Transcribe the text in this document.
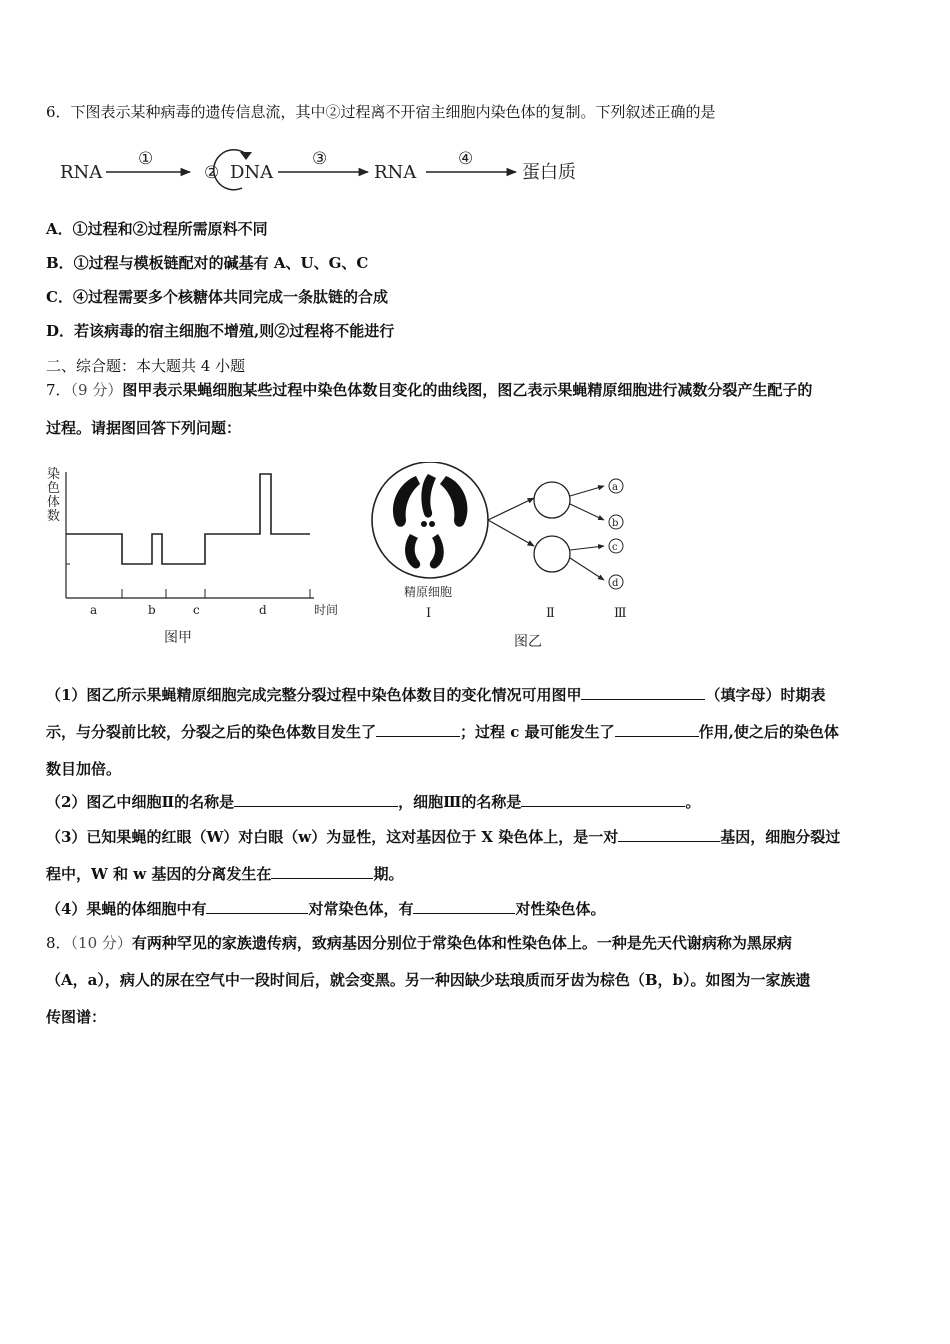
6．下图表示某种病毒的遗传信息流，其中②过程离不开宿主细胞内染色体的复制。下列叙述正确的是
RNA
①
② DNA
③
RNA
④
蛋白质
A．①过程和②过程所需原料不同
B．①过程与模板链配对的碱基有 A、U、G、C
C．④过程需要多个核糖体共同完成一条肽链的合成
D．若该病毒的宿主细胞不增殖,则②过程将不能进行
二、综合题：本大题共 4 小题
7．（9 分）图甲表示果蝇细胞某些过程中染色体数目变化的曲线图，图乙表示果蝇精原细胞进行减数分裂产生配子的
过程。请据图回答下列问题：
染
色
体
数
a	b	c	d	时间
图甲
a
b
c
d
精原细胞
Ⅰ	Ⅱ	Ⅲ
图乙
（1）图乙所示果蝇精原细胞完成完整分裂过程中染色体数目的变化情况可用图甲	（填字母）时期表
示，与分裂前比较，分裂之后的染色体数目发生了	；过程 c 最可能发生了	作用,使之后的染色体
数目加倍。
（2）图乙中细胞Ⅱ的名称是	，细胞Ⅲ的名称是	。
（3）已知果蝇的红眼（W）对白眼（w）为显性，这对基因位于 X 染色体上，是一对	基因，细胞分裂过
程中，W 和 w 基因的分离发生在	期。
（4）果蝇的体细胞中有	对常染色体，有	对性染色体。
8．（10 分）有两种罕见的家族遗传病，致病基因分别位于常染色体和性染色体上。一种是先天代谢病称为黑尿病
（A，a），病人的尿在空气中一段时间后，就会变黑。另一种因缺少珐琅质而牙齿为棕色（B，b）。如图为一家族遗
传图谱：
